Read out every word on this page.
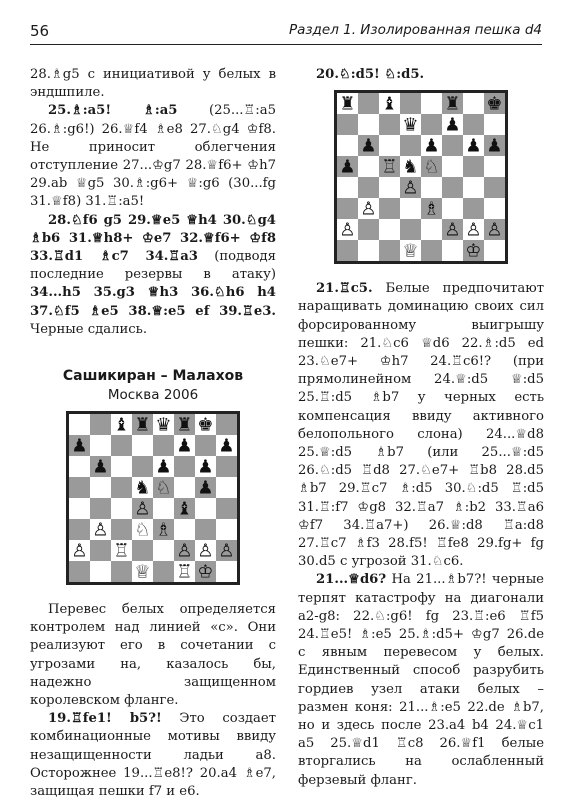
56	Раздел 1. Изолированная пешка d4

28.♗g5 с инициативой у белых в эндшпиле.

25.♗:a5! ♗:a5 (25...♖:a5 26.♗:g6!) 26.♕f4 ♗e8 27.♘g4 ♔f8. Не приносит облегчения отступление 27...♔g7 28.♕f6+ ♔h7 29.ab ♕g5 30.♗:g6+ ♕:g6 (30...fg 31.♕f8) 31.♖:a5!

28.♘f6 g5 29.♕e5 ♕h4 30.♘g4 ♗b6 31.♕h8+ ♔e7 32.♕f6+ ♔f8 33.♖d1 ♗c7 34.♖a3 (подводя последние резервы в атаку) 34...h5 35.g3 ♕h3 36.♘h6 h4 37.♘f5 ♗e5 38.♕:e5 ef 39.♖e3. Черные сдались.

Сашикиран – Малахов
Москва 2006
♜ ♛ ♜ ♚
♝
♟	♟ ♟
♟	♟ ♟
♞ ♘ ♟
♙ ♝
♙ ♘ ♗
♙ ♖	♙ ♙ ♙
♕ ♖ ♔

Перевес белых определяется контролем над линией «с». Они реализуют его в сочетании с угрозами на, казалось бы, надежно защищенном королевском фланге.

19.♖fe1! b5?! Это создает комбинационные мотивы ввиду незащищенности ладьи a8. Осторожнее 19...♖e8!? 20.a4 ♗e7, защищая пешки f7 и e6.

20.♘:d5! ♘:d5.

♜ ♝	♜ ♚
♛ ♟
♟	♟ ♟ ♟
♟ ♖ ♞ ♘
♙
♙	♗
♙	♙ ♙ ♙
♕	♔

21.♖c5. Белые предпочитают наращивать доминацию своих сил форсированному выигрышу пешки: 21.♘c6 ♕d6 22.♗:d5 ed 23.♘e7+ ♔h7 24.♖c6!? (при прямолинейном 24.♕:d5 ♕:d5 25.♖:d5 ♗b7 у черных есть компенсация ввиду активного белопольного слона) 24...♕d8 25.♕:d5 ♗b7 (или 25...♕:d5 26.♘:d5 ♖d8 27.♘e7+ ♖b8 28.d5 ♗b7 29.♖c7 ♗:d5 30.♘:d5 ♖:d5 31.♖:f7 ♔g8 32.♖a7 ♗:b2 33.♖a6 ♔f7 34.♖a7+) 26.♕:d8 ♖a:d8 27.♖c7 ♗f3 28.f5! ♖fe8 29.fg+ fg 30.d5 с угрозой 31.♘c6.

21...♕d6? На 21...♗b7?! черные терпят катастрофу на диагонали a2-g8: 22.♘:g6! fg 23.♖:e6 ♖f5 24.♖e5! ♗:e5 25.♗:d5+ ♔g7 26.de с явным перевесом у белых. Единственный способ разрубить гордиев узел атаки белых – размен коня: 21...♗:e5 22.de ♗b7, но и здесь после 23.a4 b4 24.♕c1 a5 25.♕d1 ♖c8 26.♕f1 белые вторгались на ослабленный ферзевый фланг.
